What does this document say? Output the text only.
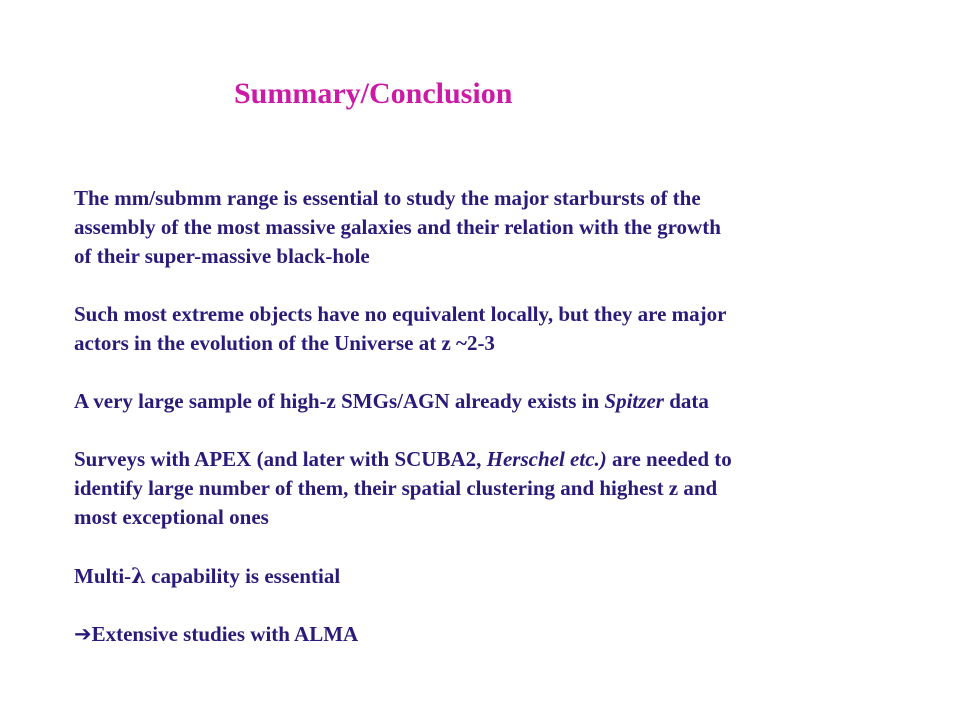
Summary/Conclusion

The mm/submm range is essential to study the major starbursts of the

assembly of the most massive galaxies and their relation with the growth

of their super-massive black-hole

Such most extreme objects have no equivalent locally, but they are major

actors in the evolution of the Universe at z ~2-3

A very large sample of high-z SMGs/AGN already exists in Spitzer data

Surveys with APEX (and later with SCUBA2, Herschel etc.) are needed to

identify large number of them, their spatial clustering and highest z and

most exceptional ones

Multi-λ capability is essential

➔Extensive studies with ALMA
